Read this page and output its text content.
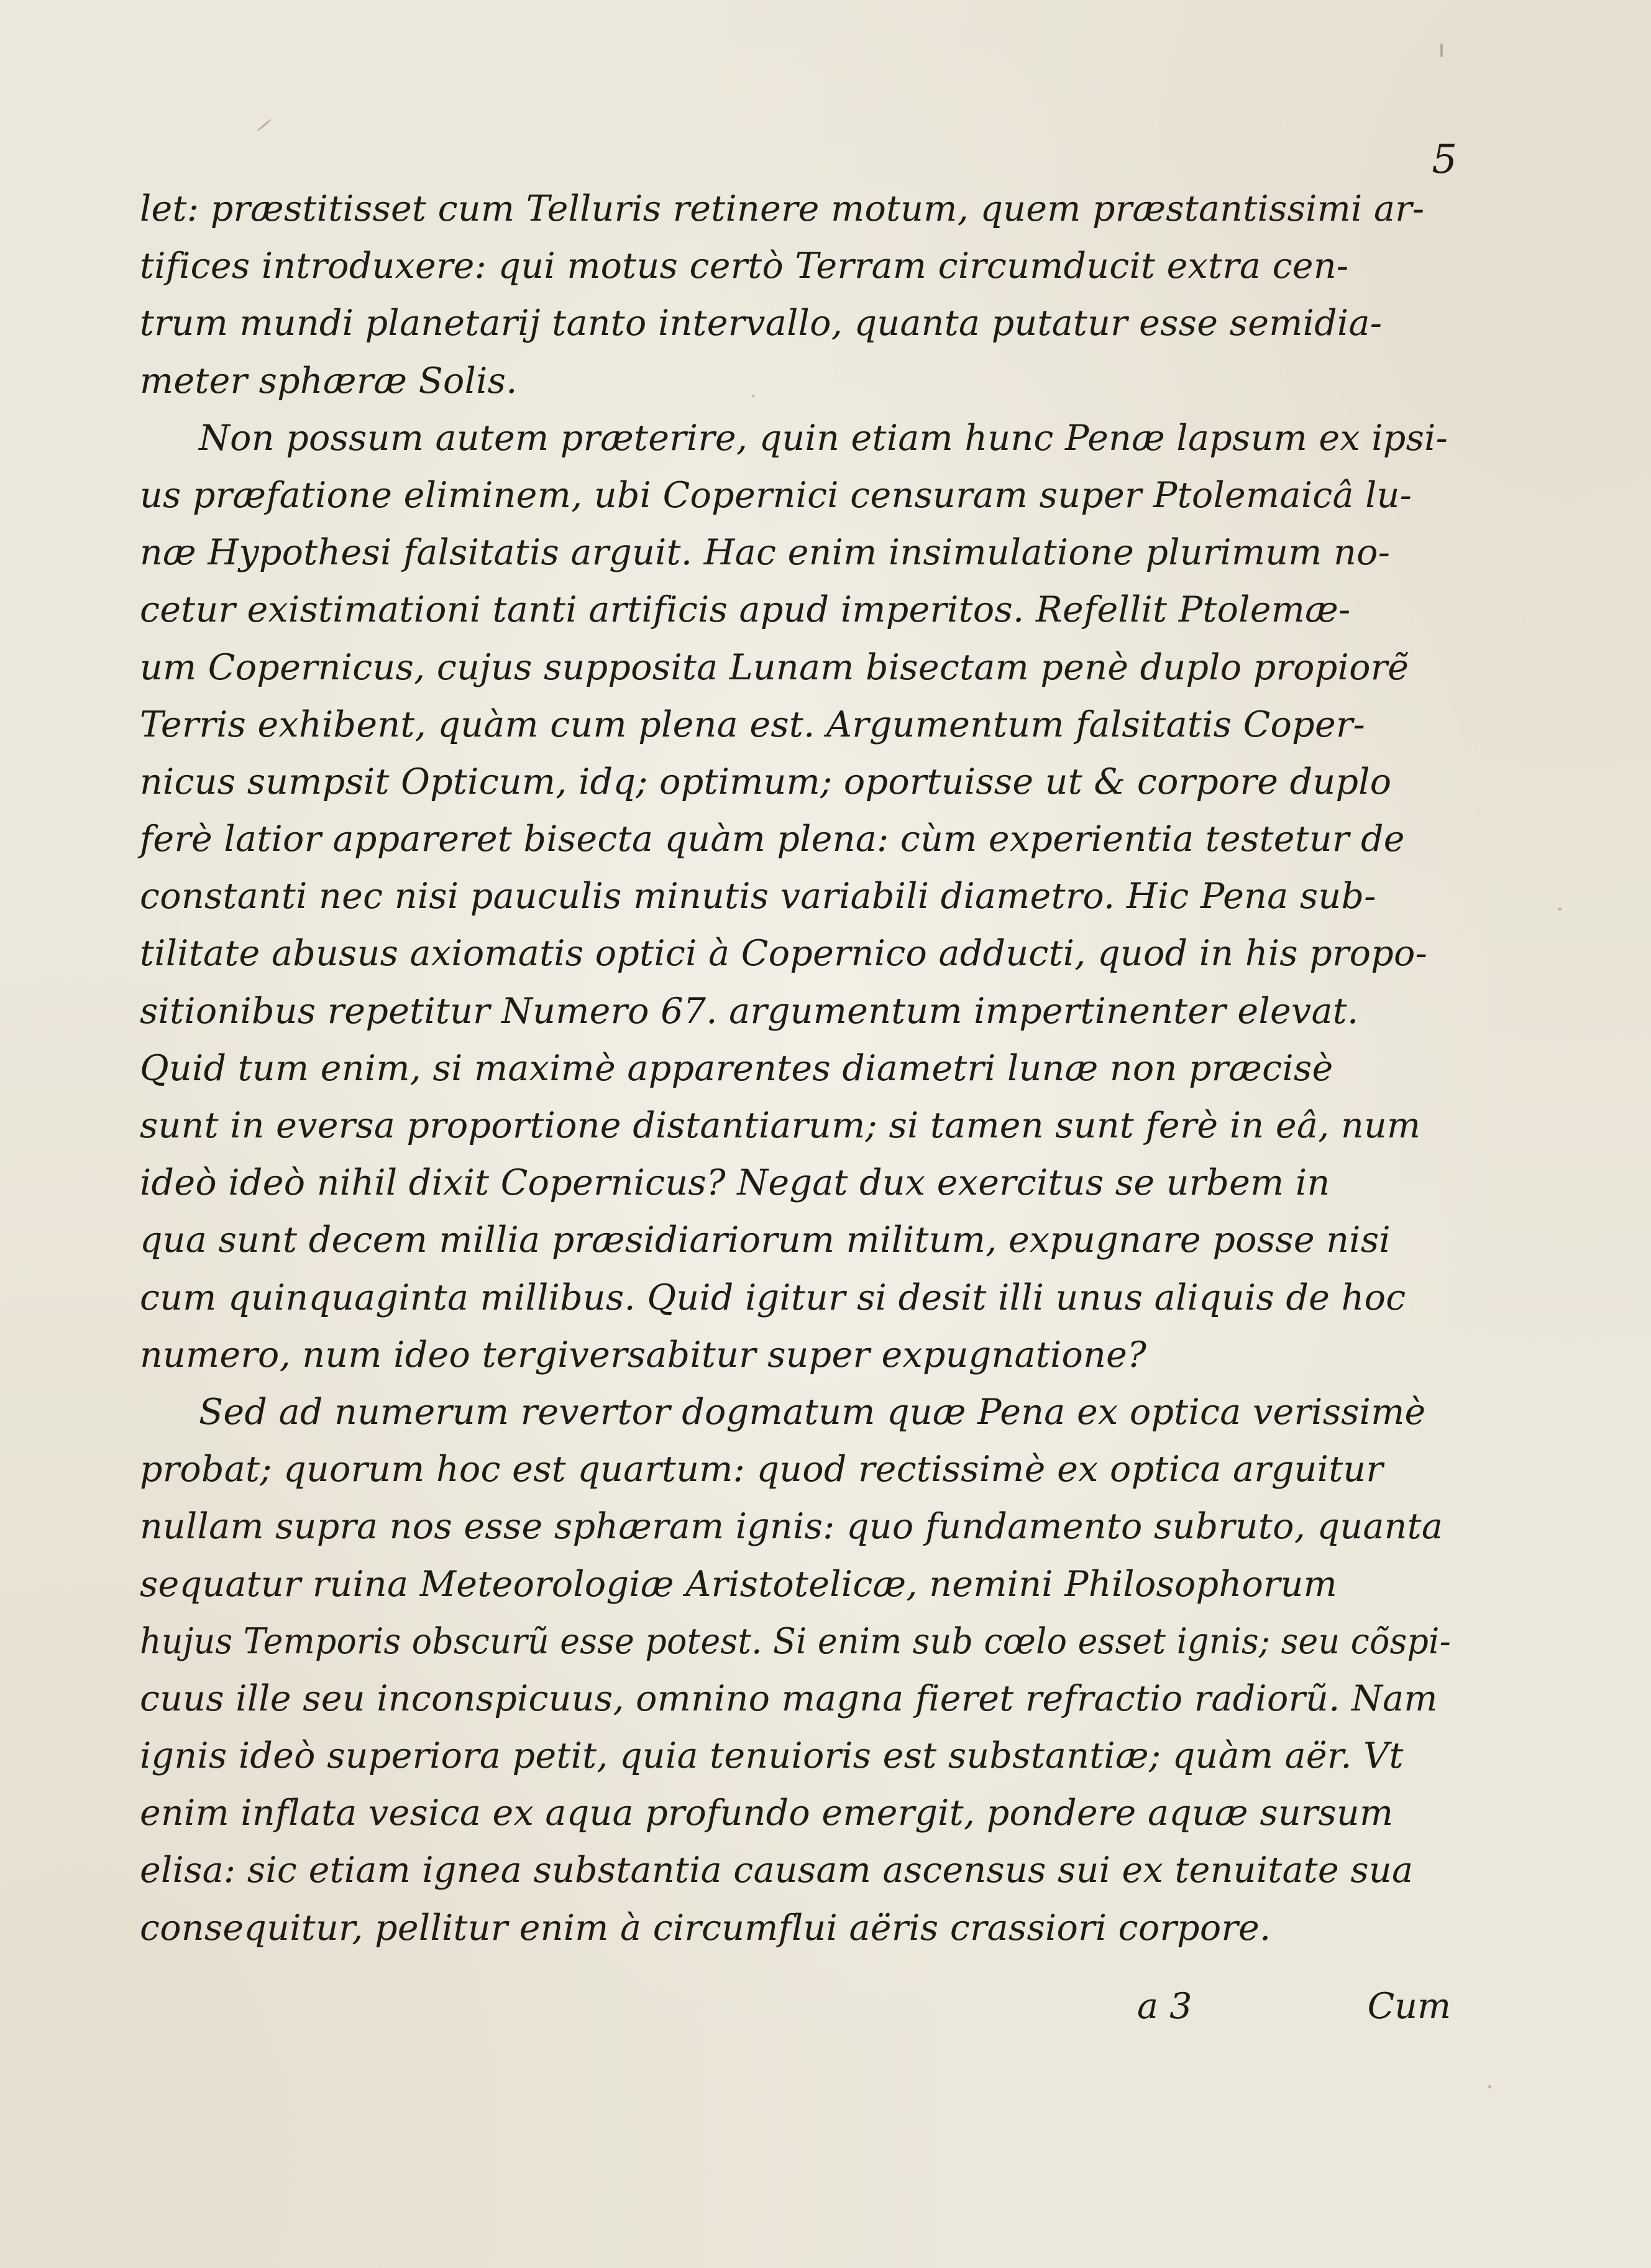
5
let: præstitisset cum Telluris retinere motum, quem præstantissimi ar-
tifices introduxere: qui motus certò Terram circumducit extra cen-
trum mundi planetarij tanto intervallo, quanta putatur esse semidia-
meter sphæræ Solis.
Non possum autem præterire, quin etiam hunc Penæ lapsum ex ipsi-
us præfatione eliminem, ubi Copernici censuram super Ptolemaicâ lu-
næ Hypothesi falsitatis arguit. Hac enim insimulatione plurimum no-
cetur existimationi tanti artificis apud imperitos. Refellit Ptolemæ-
um Copernicus, cujus supposita Lunam bisectam penè duplo propiorẽ
Terris exhibent, quàm cum plena est. Argumentum falsitatis Coper-
nicus sumpsit Opticum, idq; optimum; oportuisse ut & corpore duplo
ferè latior appareret bisecta quàm plena: cùm experientia testetur de
constanti nec nisi pauculis minutis variabili diametro. Hic Pena sub-
tilitate abusus axiomatis optici à Copernico adducti, quod in his propo-
sitionibus repetitur Numero 67. argumentum impertinenter elevat.
Quid tum enim, si maximè apparentes diametri lunæ non præcisè
sunt in eversa proportione distantiarum; si tamen sunt ferè in eâ, num
ideò ideò nihil dixit Copernicus? Negat dux exercitus se urbem in
qua sunt decem millia præsidiariorum militum, expugnare posse nisi
cum quinquaginta millibus. Quid igitur si desit illi unus aliquis de hoc
numero, num ideo tergiversabitur super expugnatione?
Sed ad numerum revertor dogmatum quæ Pena ex optica verissimè
probat; quorum hoc est quartum: quod rectissimè ex optica arguitur
nullam supra nos esse sphæram ignis: quo fundamento subruto, quanta
sequatur ruina Meteorologiæ Aristotelicæ, nemini Philosophorum
hujus Temporis obscurũ esse potest. Si enim sub cœlo esset ignis; seu cõspi-
cuus ille seu inconspicuus, omnino magna fieret refractio radiorũ. Nam
ignis ideò superiora petit, quia tenuioris est substantiæ; quàm aër. Vt
enim inflata vesica ex aqua profundo emergit, pondere aquæ sursum
elisa: sic etiam ignea substantia causam ascensus sui ex tenuitate sua
consequitur, pellitur enim à circumflui aëris crassiori corpore.
a 3	Cum
